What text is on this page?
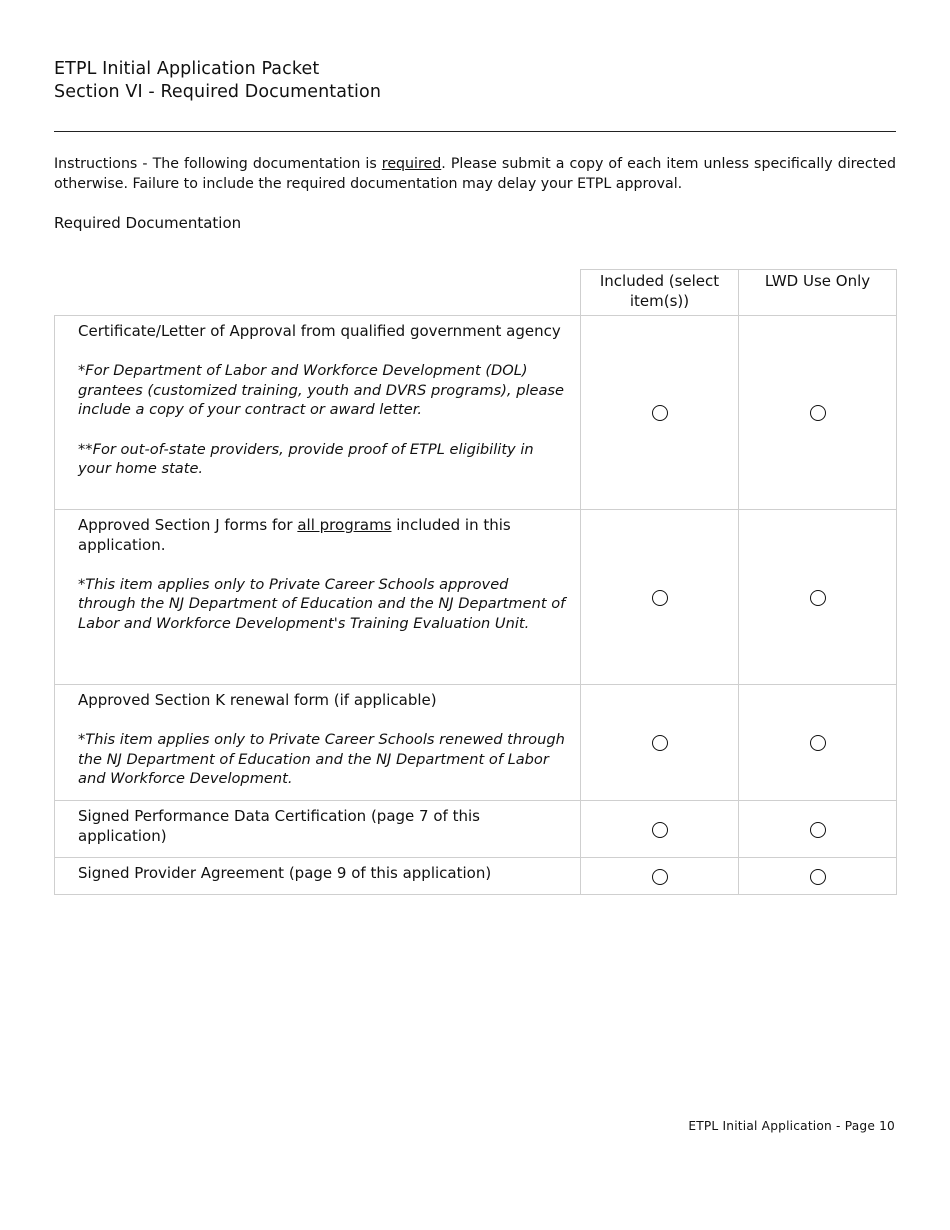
ETPL Initial Application Packet
Section VI - Required Documentation
Instructions - The following documentation is required. Please submit a copy of each item unless specifically directed otherwise. Failure to include the required documentation may delay your ETPL approval.
Required Documentation
	Included (select item(s))	LWD Use Only

Certificate/Letter of Approval from qualified government agency
*For Department of Labor and Workforce Development (DOL) grantees (customized training, youth and DVRS programs), please include a copy of your contract or award letter.
**For out-of-state providers, provide proof of ETPL eligibility in your home state.		

Approved Section J forms for all programs included in this application.
*This item applies only to Private Career Schools approved through the NJ Department of Education and the NJ Department of Labor and Workforce Development's Training Evaluation Unit.		

Approved Section K renewal form (if applicable)
*This item applies only to Private Career Schools renewed through the NJ Department of Education and the NJ Department of Labor and Workforce Development.		

Signed Performance Data Certification (page 7 of this application)		

Signed Provider Agreement (page 9 of this application)		

ETPL Initial Application - Page 10
